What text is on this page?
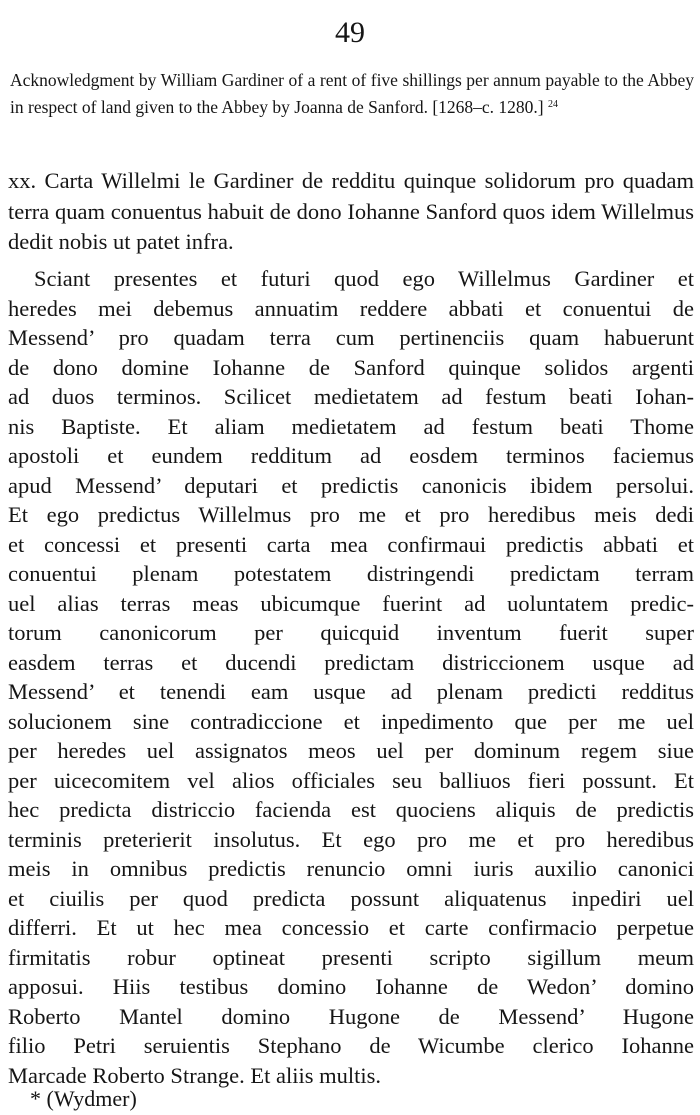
49
Acknowledgment by William Gardiner of a rent of five shillings per annum payable to the Abbey in respect of land given to the Abbey by Joanna de Sanford. [1268–c. 1280.] $^{24}$
xx. Carta Willelmi le Gardiner de redditu quinque solidorum pro quadam terra quam conuentus habuit de dono Iohanne Sanford quos idem Willelmus dedit nobis ut patet infra.
Sciant presentes et futuri quod ego Willelmus Gardiner et
heredes mei debemus annuatim reddere abbati et conuentui de
Messend’ pro quadam terra cum pertinenciis quam habuerunt
de dono domine Iohanne de Sanford quinque solidos argenti
ad duos terminos. Scilicet medietatem ad festum beati Iohan-
nis Baptiste. Et aliam medietatem ad festum beati Thome
apostoli et eundem redditum ad eosdem terminos faciemus
apud Messend’ deputari et predictis canonicis ibidem persolui.
Et ego predictus Willelmus pro me et pro heredibus meis dedi
et concessi et presenti carta mea confirmaui predictis abbati et
conuentui plenam potestatem distringendi predictam terram
uel alias terras meas ubicumque fuerint ad uoluntatem predic-
torum canonicorum per quicquid inventum fuerit super
easdem terras et ducendi predictam districcionem usque ad
Messend’ et tenendi eam usque ad plenam predicti redditus
solucionem sine contradiccione et inpedimento que per me uel
per heredes uel assignatos meos uel per dominum regem siue
per uicecomitem vel alios officiales seu balliuos fieri possunt. Et
hec predicta districcio facienda est quociens aliquis de predictis
terminis preterierit insolutus. Et ego pro me et pro heredibus
meis in omnibus predictis renuncio omni iuris auxilio canonici
et ciuilis per quod predicta possunt aliquatenus inpediri uel
differri. Et ut hec mea concessio et carte confirmacio perpetue
firmitatis robur optineat presenti scripto sigillum meum
apposui. Hiis testibus domino Iohanne de Wedon’ domino
Roberto Mantel domino Hugone de Messend’ Hugone
filio Petri seruientis Stephano de Wicumbe clerico Iohanne
Marcade Roberto Strange. Et aliis multis.
* (Wydmer)
